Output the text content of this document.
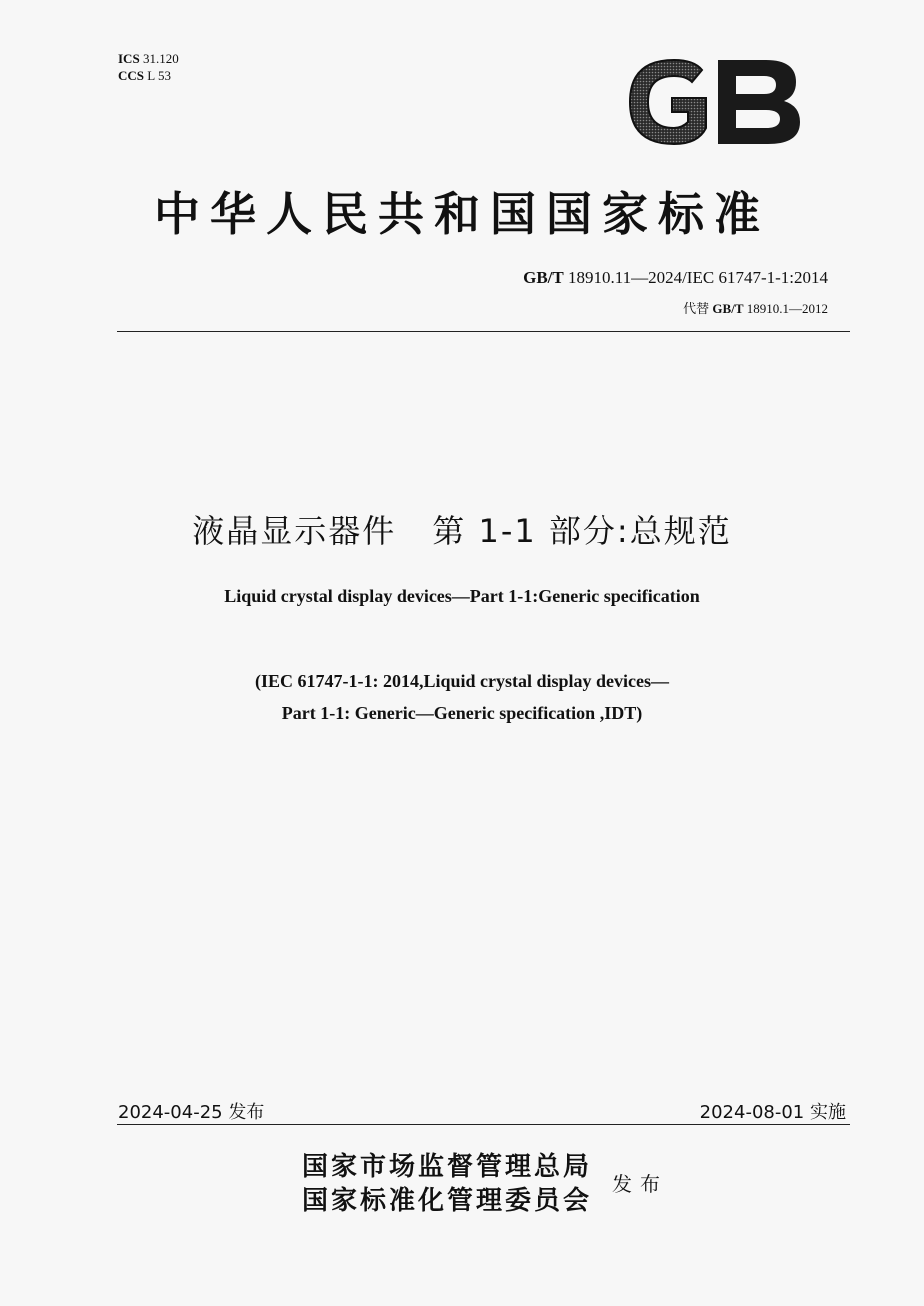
ICS 31.120
CCS L 53
中华人民共和国国家标准
GB/T 18910.11—2024/IEC 61747-1-1:2014
代替 GB/T 18910.1—2012
液晶显示器件 第 1-1 部分:总规范
Liquid crystal display devices—Part 1-1:Generic specification
(IEC 61747-1-1: 2014,Liquid crystal display devices—
Part 1-1: Generic—Generic specification ,IDT)
2024-04-25 发布	2024-08-01 实施
国家市场监督管理总局
国家标准化管理委员会
发布
